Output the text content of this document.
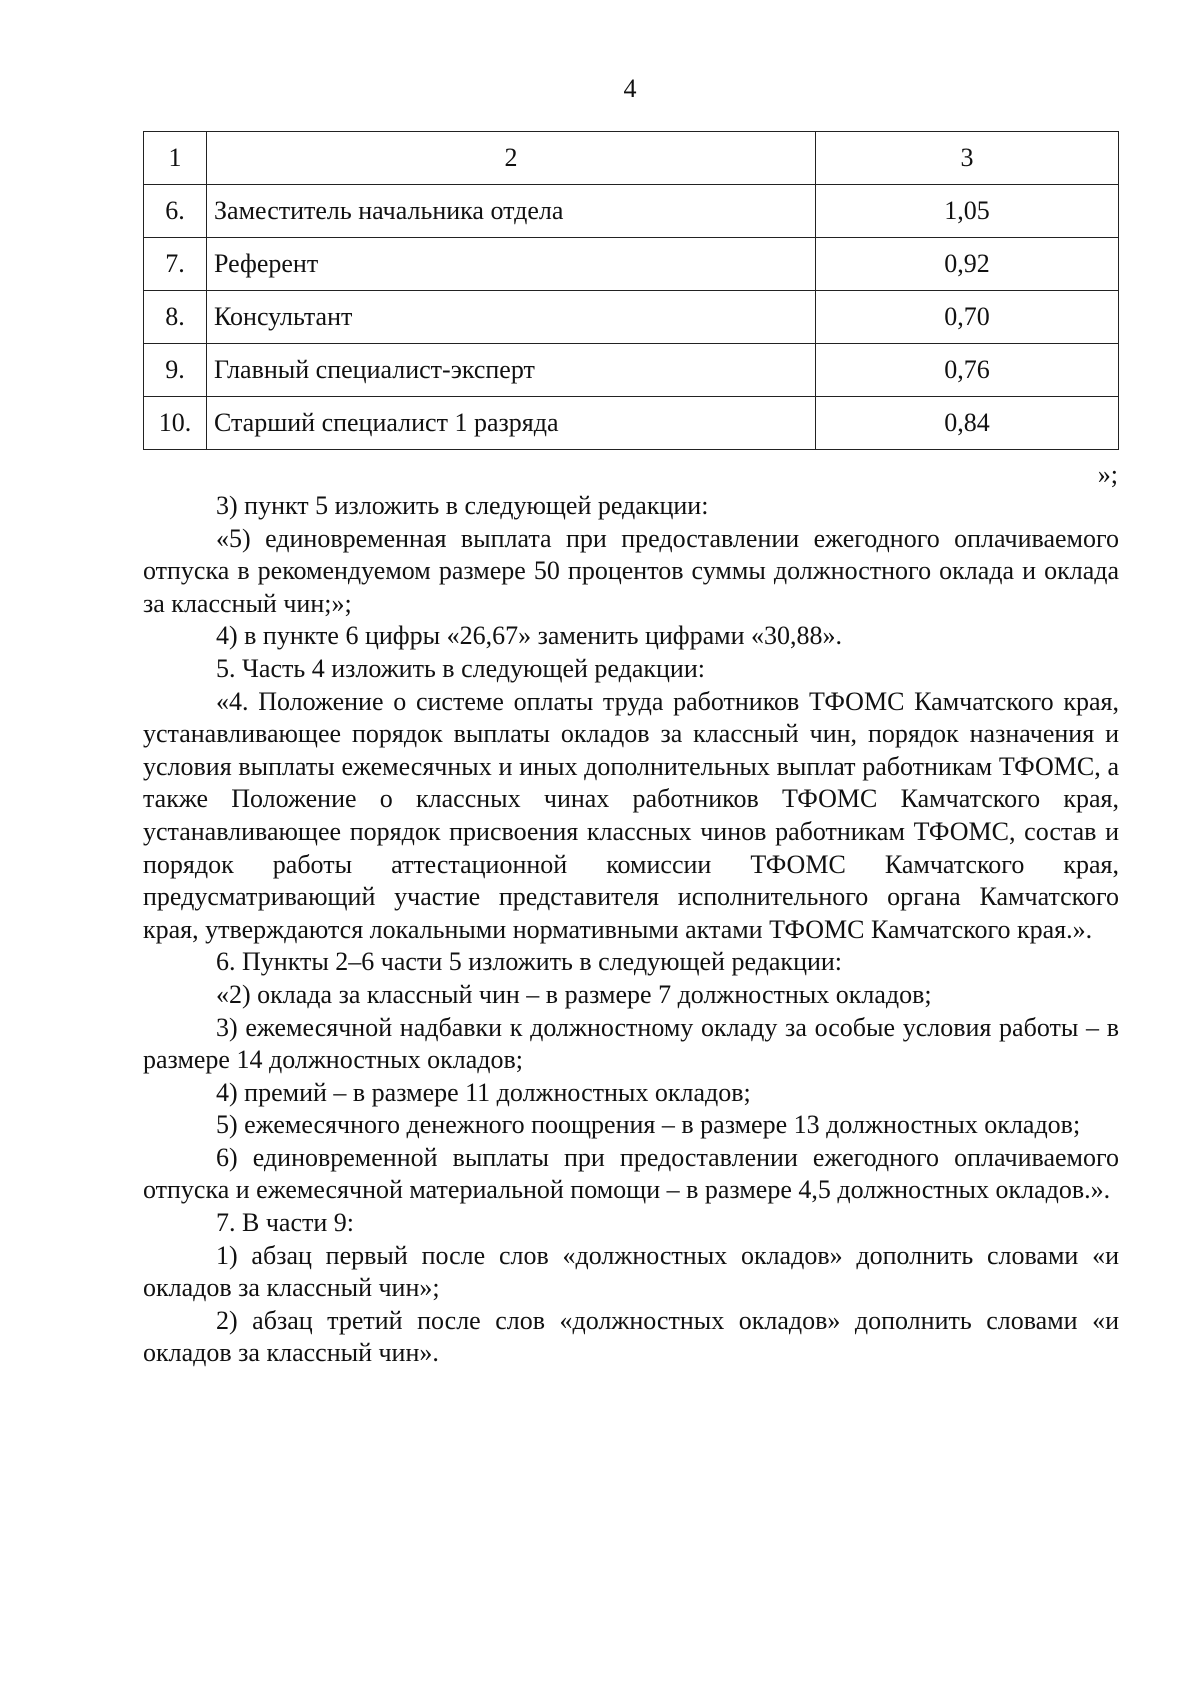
4
1	2	3
6.	Заместитель начальника отдела	1,05
7.	Референт	0,92
8.	Консультант	0,70
9.	Главный специалист-эксперт	0,76
10.	Старший специалист 1 разряда	0,84
»;

3) пункт 5 изложить в следующей редакции:

«5) единовременная выплата при предоставлении ежегодного оплачиваемого отпуска в рекомендуемом размере 50 процентов суммы должностного оклада и оклада за классный чин;»;

4) в пункте 6 цифры «26,67» заменить цифрами «30,88».

5. Часть 4 изложить в следующей редакции:

«4. Положение о системе оплаты труда работников ТФОМС Камчатского края, устанавливающее порядок выплаты окладов за классный чин, порядок назначения и условия выплаты ежемесячных и иных дополнительных выплат работникам ТФОМС, а также Положение о классных чинах работников ТФОМС Камчатского края, устанавливающее порядок присвоения классных чинов работникам ТФОМС, состав и порядок работы аттестационной комиссии ТФОМС Камчатского края, предусматривающий участие представителя исполнительного органа Камчатского края, утверждаются локальными нормативными актами ТФОМС Камчатского края.».

6. Пункты 2–6 части 5 изложить в следующей редакции:

«2) оклада за классный чин – в размере 7 должностных окладов;

3) ежемесячной надбавки к должностному окладу за особые условия работы – в размере 14 должностных окладов;

4) премий – в размере 11 должностных окладов;

5) ежемесячного денежного поощрения – в размере 13 должностных окладов;

6) единовременной выплаты при предоставлении ежегодного оплачиваемого отпуска и ежемесячной материальной помощи – в размере 4,5 должностных окладов.».

7. В части 9:

1) абзац первый после слов «должностных окладов» дополнить словами «и окладов за классный чин»;

2) абзац третий после слов «должностных окладов» дополнить словами «и окладов за классный чин».
